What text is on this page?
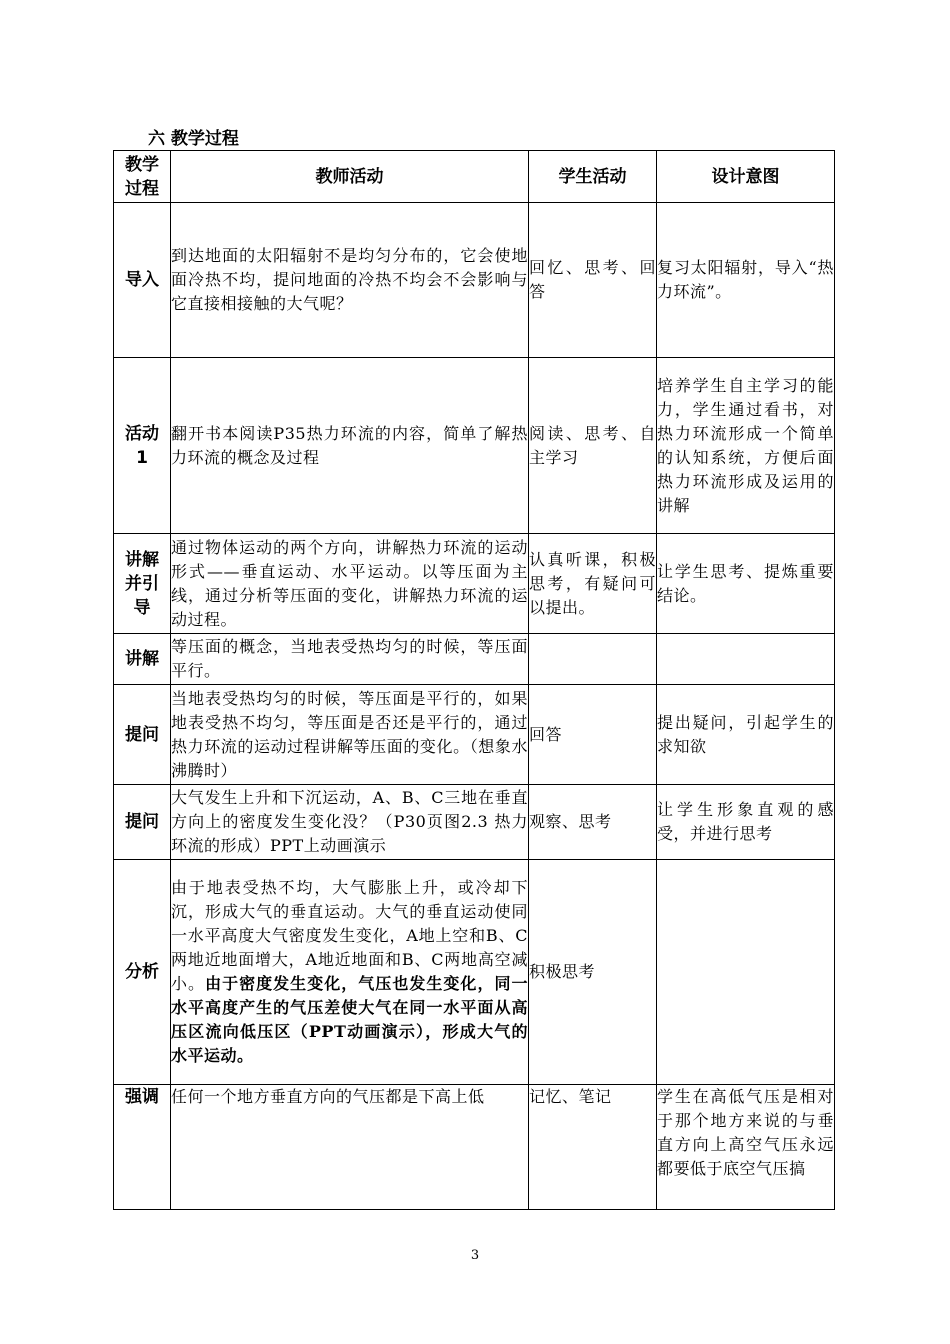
六 教学过程
教学过程	教师活动	学生活动	设计意图
导入	到达地面的太阳辐射不是均匀分布的，它会使地面冷热不均，提问地面的冷热不均会不会影响与它直接相接触的大气呢？	回忆、思考、回答	复习太阳辐射，导入“热力环流”。

活动1	翻开书本阅读P35热力环流的内容，简单了解热力环流的概念及过程	阅读、思考、自主学习	培养学生自主学习的能力，学生通过看书，对热力环流形成一个简单的认知系统，方便后面热力环流形成及运用的讲解

讲解并引导	通过物体运动的两个方向，讲解热力环流的运动形式——垂直运动、水平运动。以等压面为主线，通过分析等压面的变化，讲解热力环流的运动过程。	认真听课，积极思考，有疑问可以提出。	让学生思考、提炼重要结论。
讲解	等压面的概念，当地表受热均匀的时候，等压面平行。		
提问	当地表受热均匀的时候，等压面是平行的，如果地表受热不均匀，等压面是否还是平行的，通过热力环流的运动过程讲解等压面的变化。（想象水沸腾时）	回答	提出疑问，引起学生的求知欲
提问	大气发生上升和下沉运动，A、B、C三地在垂直方向上的密度发生变化没？（P30页图2.3 热力环流的形成）PPT上动画演示	观察、思考	让学生形象直观的感受，并进行思考
分析	由于地表受热不均，大气膨胀上升，或冷却下沉，形成大气的垂直运动。大气的垂直运动使同一水平高度大气密度发生变化，A地上空和B、C两地近地面增大，A地近地面和B、C两地高空减小。由于密度发生变化，气压也发生变化，同一水平高度产生的气压差使大气在同一水平面从高压区流向低压区（PPT动画演示），形成大气的水平运动。	积极思考	
强调	任何一个地方垂直方向的气压都是下高上低	记忆、笔记	学生在高低气压是相对于那个地方来说的与垂直方向上高空气压永远都要低于底空气压搞
3
